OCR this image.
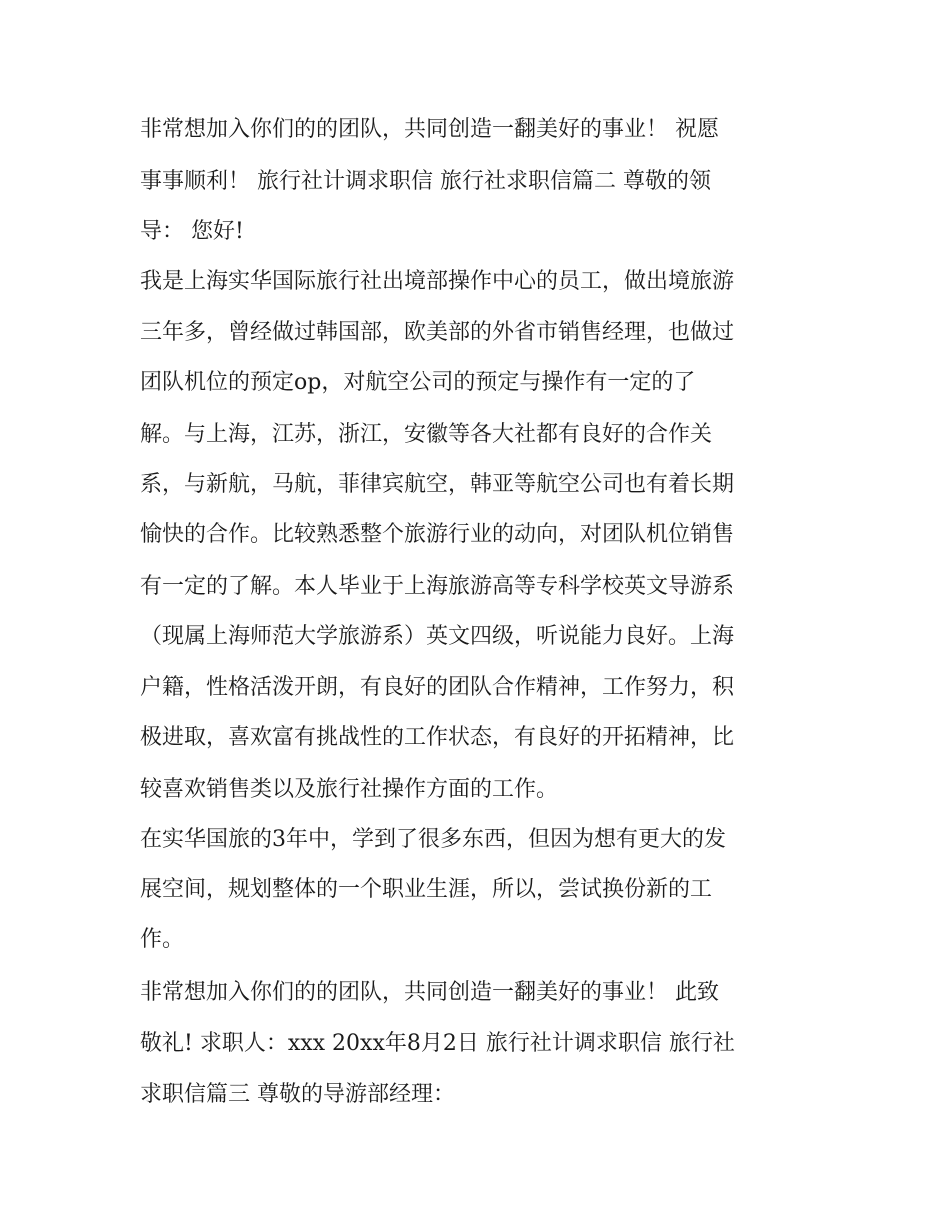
非常想加入你们的的团队，共同创造一翻美好的事业！ 祝愿
事事顺利！ 旅行社计调求职信 旅行社求职信篇二 尊敬的领
导： 您好!
我是上海实华国际旅行社出境部操作中心的员工，做出境旅游
三年多，曾经做过韩国部，欧美部的外省市销售经理，也做过
团队机位的预定op，对航空公司的预定与操作有一定的了
解。与上海，江苏，浙江，安徽等各大社都有良好的合作关
系，与新航，马航，菲律宾航空，韩亚等航空公司也有着长期
愉快的合作。比较熟悉整个旅游行业的动向，对团队机位销售
有一定的了解。本人毕业于上海旅游高等专科学校英文导游系
（现属上海师范大学旅游系）英文四级，听说能力良好。上海
户籍，性格活泼开朗，有良好的团队合作精神，工作努力，积
极进取，喜欢富有挑战性的工作状态，有良好的开拓精神，比
较喜欢销售类以及旅行社操作方面的工作。
在实华国旅的3年中，学到了很多东西，但因为想有更大的发
展空间，规划整体的一个职业生涯，所以，尝试换份新的工
作。
非常想加入你们的的团队，共同创造一翻美好的事业！ 此致
敬礼! 求职人：xxx 20xx年8月2日 旅行社计调求职信 旅行社
求职信篇三 尊敬的导游部经理：
